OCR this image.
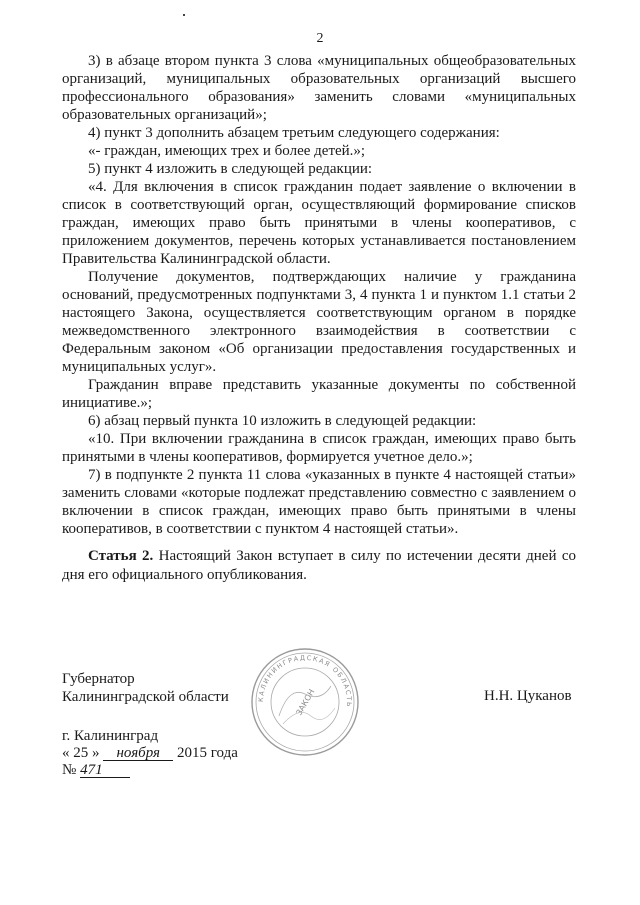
2

3) в абзаце втором пункта 3 слова «муниципальных общеобразовательных организаций, муниципальных образовательных организаций высшего профессионального образования» заменить словами «муниципальных образовательных организаций»;

4) пункт 3 дополнить абзацем третьим следующего содержания:

«- граждан, имеющих трех и более детей.»;

5) пункт 4 изложить в следующей редакции:

«4. Для включения в список гражданин подает заявление о включении в список в соответствующий орган, осуществляющий формирование списков граждан, имеющих право быть принятыми в члены кооперативов, с приложением документов, перечень которых устанавливается постановлением Правительства Калининградской области.

Получение документов, подтверждающих наличие у гражданина оснований, предусмотренных подпунктами 3, 4 пункта 1 и пунктом 1.1 статьи 2 настоящего Закона, осуществляется соответствующим органом в порядке межведомственного электронного взаимодействия в соответствии с Федеральным законом «Об организации предоставления государственных и муниципальных услуг».

Гражданин вправе представить указанные документы по собственной инициативе.»;

6) абзац первый пункта 10 изложить в следующей редакции:

«10. При включении гражданина в список граждан, имеющих право быть принятыми в члены кооперативов, формируется учетное дело.»;

7) в подпункте 2 пункта 11 слова «указанных в пункте 4 настоящей статьи» заменить словами «которые подлежат представлению совместно с заявлением о включении в список граждан, имеющих право быть принятыми в члены кооперативов, в соответствии с пунктом 4 настоящей статьи».

Статья 2. Настоящий Закон вступает в силу по истечении десяти дней со дня его официального опубликования.

Губернатор
Калининградской области	КАЛИНИНГРАДСКАЯ ОБЛАСТЬ
ЗАКОН	Н.Н. Цуканов
г. Калининград
« 25 » ноября 2015 года
№ 471
